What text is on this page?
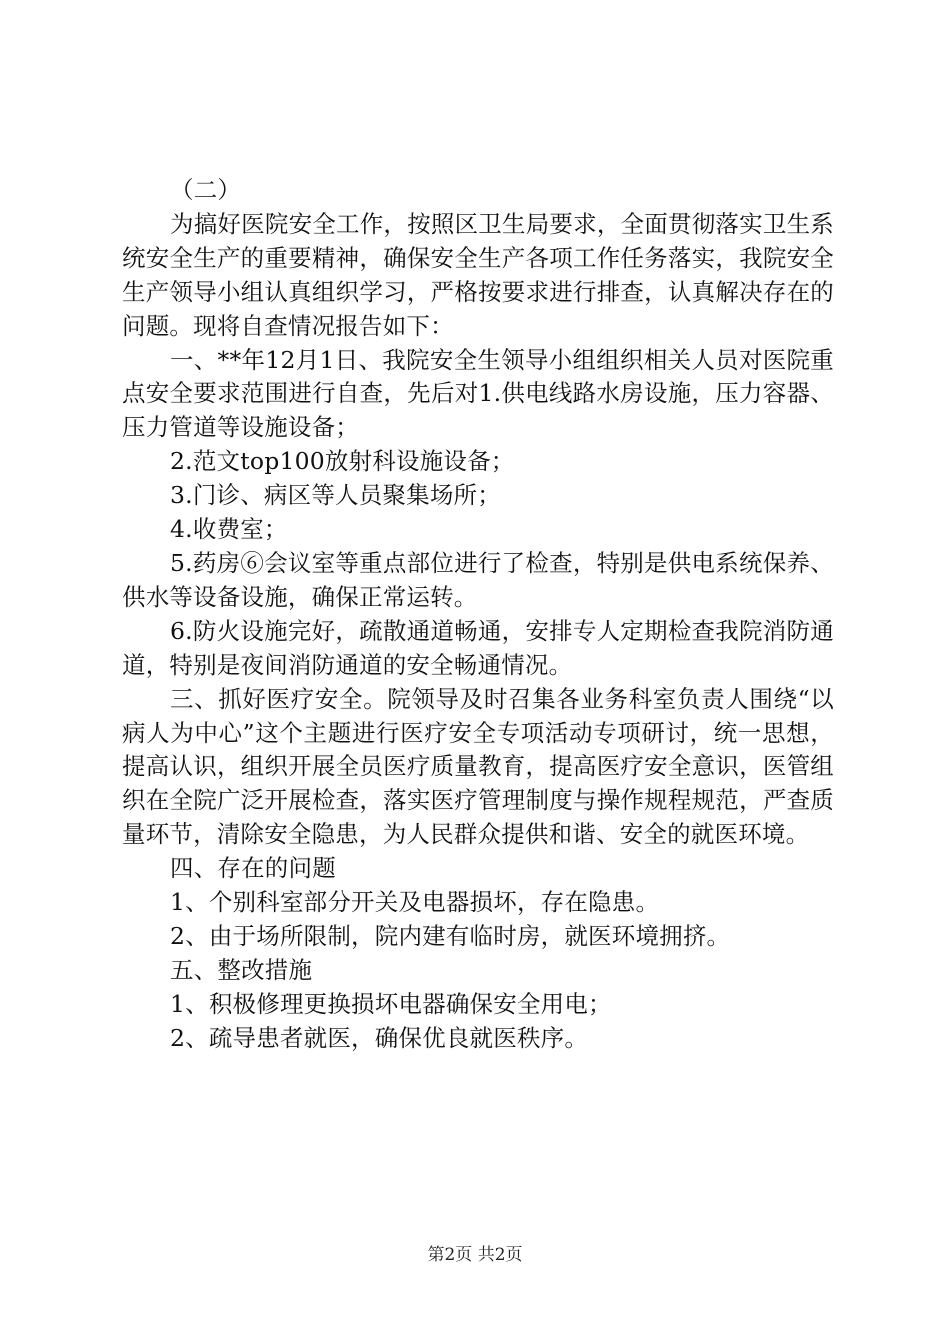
（二）

为搞好医院安全工作，按照区卫生局要求，全面贯彻落实卫生系统安全生产的重要精神，确保安全生产各项工作任务落实，我院安全生产领导小组认真组织学习，严格按要求进行排查，认真解决存在的问题。现将自查情况报告如下：

一、**年12月1日、我院安全生领导小组组织相关人员对医院重点安全要求范围进行自查，先后对1.供电线路水房设施，压力容器、压力管道等设施设备；

2.范文top100放射科设施设备；

3.门诊、病区等人员聚集场所；

4.收费室；

5.药房⑥会议室等重点部位进行了检查，特别是供电系统保养、供水等设备设施，确保正常运转。

6.防火设施完好，疏散通道畅通，安排专人定期检查我院消防通道，特别是夜间消防通道的安全畅通情况。

三、抓好医疗安全。院领导及时召集各业务科室负责人围绕“以病人为中心”这个主题进行医疗安全专项活动专项研讨，统一思想，提高认识，组织开展全员医疗质量教育，提高医疗安全意识，医管组织在全院广泛开展检查，落实医疗管理制度与操作规程规范，严查质量环节，清除安全隐患，为人民群众提供和谐、安全的就医环境。

四、存在的问题

1、个别科室部分开关及电器损坏，存在隐患。

2、由于场所限制，院内建有临时房，就医环境拥挤。

五、整改措施

1、积极修理更换损坏电器确保安全用电；

2、疏导患者就医，确保优良就医秩序。

第2页 共2页
